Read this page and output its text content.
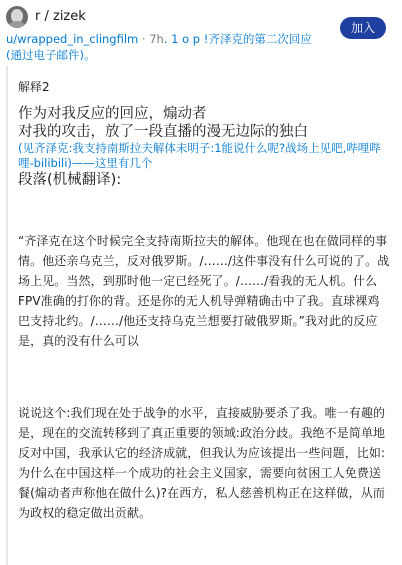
r / zizek
u/wrapped_in_clingfilm · 7h. 1 o p !齐泽克的第二次回应(通过电子邮件)。
加入

解释2

作为对我反应的回应，煽动者

对我的攻击，放了一段直播的漫无边际的独白

(见齐泽克:我支持南斯拉夫解体未明子:1能说什么呢?战场上见吧,哔哩哔哩-bilibili)——这里有几个

段落(机械翻译):

“齐泽克在这个时候完全支持南斯拉夫的解体。他现在也在做同样的事情。他还亲乌克兰，反对俄罗斯。/……/这件事没有什么可说的了。战场上见。当然，到那时他一定已经死了。/……/看我的无人机。什么FPV准确的打你的背。还是你的无人机导弹精确击中了我。直球裸鸡巴支持北约。/……/他还支持乌克兰想要打破俄罗斯。”我对此的反应是，真的没有什么可以

说说这个:我们现在处于战争的水平，直接威胁要杀了我。唯一有趣的是，现在的交流转移到了真正重要的领域:政治分歧。我绝不是简单地反对中国，我承认它的经济成就，但我认为应该提出一些问题，比如:为什么在中国这样一个成功的社会主义国家，需要向贫困工人免费送餐(煽动者声称他在做什么)?在西方，私人慈善机构正在这样做，从而为政权的稳定做出贡献。
